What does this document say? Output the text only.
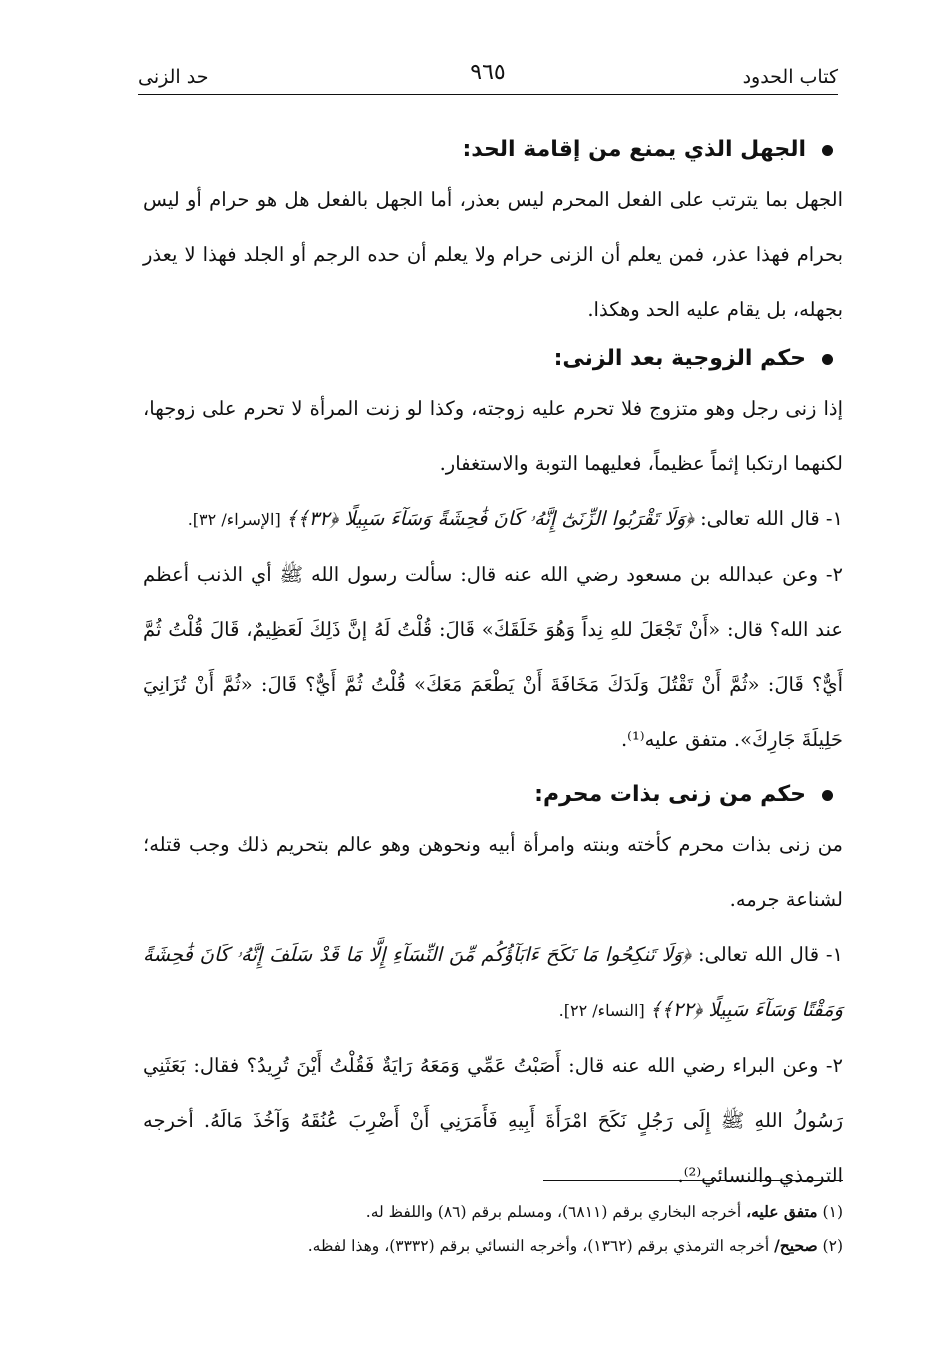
كتاب الحدود
٩٦٥
حد الزنى
الجهل الذي يمنع من إقامة الحد:

الجهل بما يترتب على الفعل المحرم ليس بعذر، أما الجهل بالفعل هل هو حرام أو ليس بحرام فهذا عذر، فمن يعلم أن الزنى حرام ولا يعلم أن حده الرجم أو الجلد فهذا لا يعذر بجهله، بل يقام عليه الحد وهكذا.

حكم الزوجية بعد الزنى:

إذا زنى رجل وهو متزوج فلا تحرم عليه زوجته، وكذا لو زنت المرأة لا تحرم على زوجها، لكنهما ارتكبا إثماً عظيماً، فعليهما التوبة والاستغفار.

١- قال الله تعالى: ﴿وَلَا تَقْرَبُوا الزِّنَىٰٓ إِنَّهُۥ كَانَ فَٰحِشَةً وَسَآءَ سَبِيلًا ﴿٣٢﴾﴾ [الإسراء/ ٣٢].

٢- وعن عبدالله بن مسعود رضي الله عنه قال: سألت رسول الله ﷺ أي الذنب أعظم عند الله؟ قال: «أَنْ تَجْعَلَ للهِ نِداً وَهُوَ خَلَقَكَ» قَالَ: قُلْتُ لَهُ إنَّ ذَلِكَ لَعَظِيمٌ، قَالَ قُلْتُ ثُمَّ أَيٌّ؟ قَالَ: «ثُمَّ أَنْ تَقْتُلَ وَلَدَكَ مَخَافَةَ أَنْ يَطْعَمَ مَعَكَ» قُلْتُ ثُمَّ أَيٌّ؟ قَالَ: «ثُمَّ أَنْ تُزَانِيَ حَلِيلَةَ جَارِكَ». متفق عليه⁽¹⁾.

حكم من زنى بذات محرم:

من زنى بذات محرم كأخته وبنته وامرأة أبيه ونحوهن وهو عالم بتحريم ذلك وجب قتله؛ لشناعة جرمه.

١- قال الله تعالى: ﴿وَلَا تَنكِحُوا مَا نَكَحَ ءَابَآؤُكُم مِّنَ النِّسَآءِ إِلَّا مَا قَدْ سَلَفَ إِنَّهُۥ كَانَ فَٰحِشَةً وَمَقْتًا وَسَآءَ سَبِيلًا ﴿٢٢﴾﴾ [النساء/ ٢٢].

٢- وعن البراء رضي الله عنه قال: أَصَبْتُ عَمِّي وَمَعَهُ رَايَةٌ فَقُلْتُ أَيْنَ تُرِيدُ؟ فقال: بَعَثَنِي رَسُولُ اللهِ ﷺ إِلَى رَجُلٍ نَكَحَ امْرَأَةَ أَبِيهِ فَأَمَرَنِي أَنْ أَضْرِبَ عُنُقَهُ وَآخُذَ مَالَهُ. أخرجه الترمذي والنسائي⁽²⁾.

(١) متفق عليه، أخرجه البخاري برقم (٦٨١١)، ومسلم برقم (٨٦) واللفظ له.

(٢) صحيح/ أخرجه الترمذي برقم (١٣٦٢)، وأخرجه النسائي برقم (٣٣٣٢)، وهذا لفظه.
